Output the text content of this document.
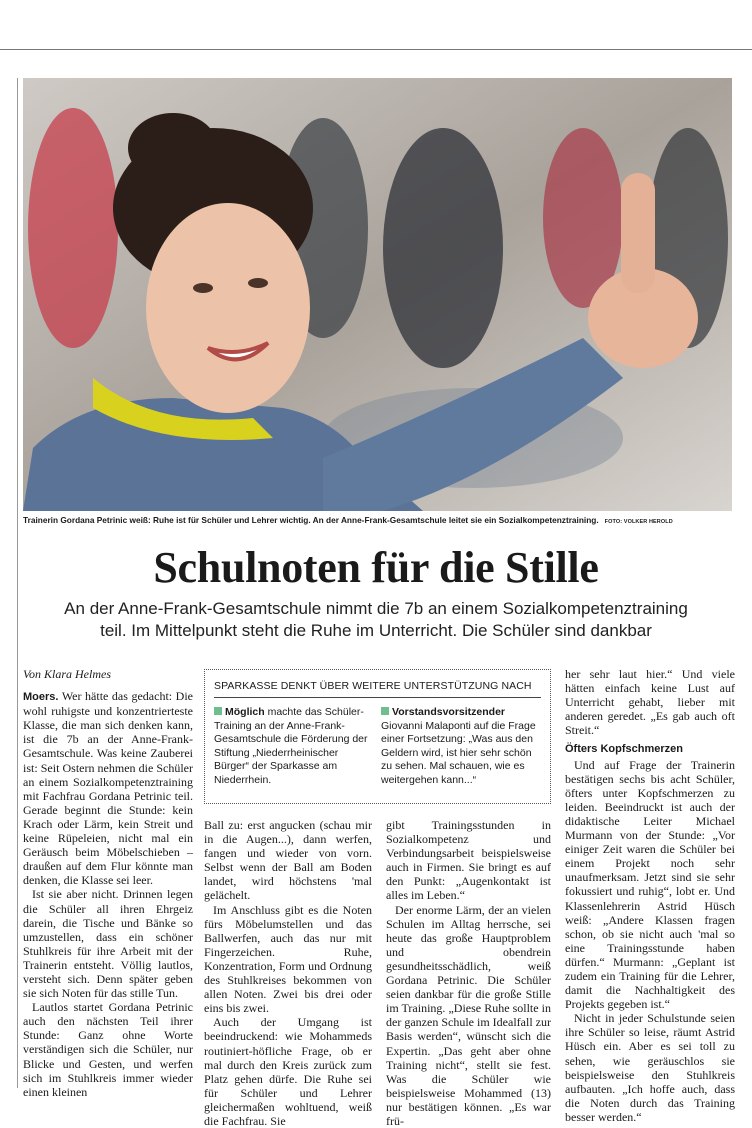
Trainerin Gordana Petrinic weiß: Ruhe ist für Schüler und Lehrer wichtig. An der Anne-Frank-Gesamtschule leitet sie ein Sozialkompetenztraining. FOTO: VOLKER HEROLD
Schulnoten für die Stille
An der Anne-Frank-Gesamtschule nimmt die 7b an einem Sozialkompetenztraining
teil. Im Mittelpunkt steht die Ruhe im Unterricht. Die Schüler sind dankbar

Von Klara Helmes

Moers. Wer hätte das gedacht: Die wohl ruhigste und konzentrierteste Klasse, die man sich denken kann, ist die 7b an der Anne-Frank-Gesamtschule. Was keine Zauberei ist: Seit Ostern nehmen die Schüler an einem Sozialkompetenztraining mit Fachfrau Gordana Petrinic teil. Gerade beginnt die Stunde: kein Krach oder Lärm, kein Streit und keine Rüpeleien, nicht mal ein Geräusch beim Möbelschieben – draußen auf dem Flur könnte man denken, die Klasse sei leer.

Ist sie aber nicht. Drinnen legen die Schüler all ihren Ehrgeiz darein, die Tische und Bänke so umzustellen, dass ein schöner Stuhlkreis für ihre Arbeit mit der Trainerin entsteht. Völlig lautlos, versteht sich. Denn später geben sie sich Noten für das stille Tun.

Lautlos startet Gordana Petrinic auch den nächsten Teil ihrer Stunde: Ganz ohne Worte verständigen sich die Schüler, nur Blicke und Gesten, und werfen sich im Stuhlkreis immer wieder einen kleinen

SPARKASSE DENKT ÜBER WEITERE UNTERSTÜTZUNG NACH
Möglich machte das Schüler-Training an der Anne-Frank-Gesamtschule die Förderung der Stiftung „Niederrheinischer Bürger“ der Sparkasse am Niederrhein.
Vorstandsvorsitzender Giovanni Malaponti auf die Frage einer Fortsetzung: „Was aus den Geldern wird, ist hier sehr schön zu sehen. Mal schauen, wie es weitergehen kann...“

Ball zu: erst angucken (schau mir in die Augen...), dann werfen, fangen und wieder von vorn. Selbst wenn der Ball am Boden landet, wird höchstens 'mal gelächelt.

Im Anschluss gibt es die Noten fürs Möbelumstellen und das Ballwerfen, auch das nur mit Fingerzeichen. Ruhe, Konzentration, Form und Ordnung des Stuhlkreises bekommen von allen Noten. Zwei bis drei oder eins bis zwei.

Auch der Umgang ist beeindruckend: wie Mohammeds routiniert-höfliche Frage, ob er mal durch den Kreis zurück zum Platz gehen dürfe. Die Ruhe sei für Schüler und Lehrer gleichermaßen wohltuend, weiß die Fachfrau. Sie

gibt Trainingsstunden in Sozialkompetenz und Verbindungsarbeit beispielsweise auch in Firmen. Sie bringt es auf den Punkt: „Augenkontakt ist alles im Leben.“

Der enorme Lärm, der an vielen Schulen im Alltag herrsche, sei heute das große Hauptproblem und obendrein gesundheitsschädlich, weiß Gordana Petrinic. Die Schüler seien dankbar für die große Stille im Training. „Diese Ruhe sollte in der ganzen Schule im Idealfall zur Basis werden“, wünscht sich die Expertin. „Das geht aber ohne Training nicht“, stellt sie fest. Was die Schüler wie beispielsweise Mohammed (13) nur bestätigen können. „Es war frü-

her sehr laut hier.“ Und viele hätten einfach keine Lust auf Unterricht gehabt, lieber mit anderen geredet. „Es gab auch oft Streit.“

Öfters Kopfschmerzen

Und auf Frage der Trainerin bestätigen sechs bis acht Schüler, öfters unter Kopfschmerzen zu leiden. Beeindruckt ist auch der didaktische Leiter Michael Murmann von der Stunde: „Vor einiger Zeit waren die Schüler bei einem Projekt noch sehr unaufmerksam. Jetzt sind sie sehr fokussiert und ruhig“, lobt er. Und Klassenlehrerin Astrid Hüsch weiß: „Andere Klassen fragen schon, ob sie nicht auch 'mal so eine Trainingsstunde haben dürfen.“ Murmann: „Geplant ist zudem ein Training für die Lehrer, damit die Nachhaltigkeit des Projekts gegeben ist.“

Nicht in jeder Schulstunde seien ihre Schüler so leise, räumt Astrid Hüsch ein. Aber es sei toll zu sehen, wie geräuschlos sie beispielsweise den Stuhlkreis aufbauten. „Ich hoffe auch, dass die Noten durch das Training besser werden.“
